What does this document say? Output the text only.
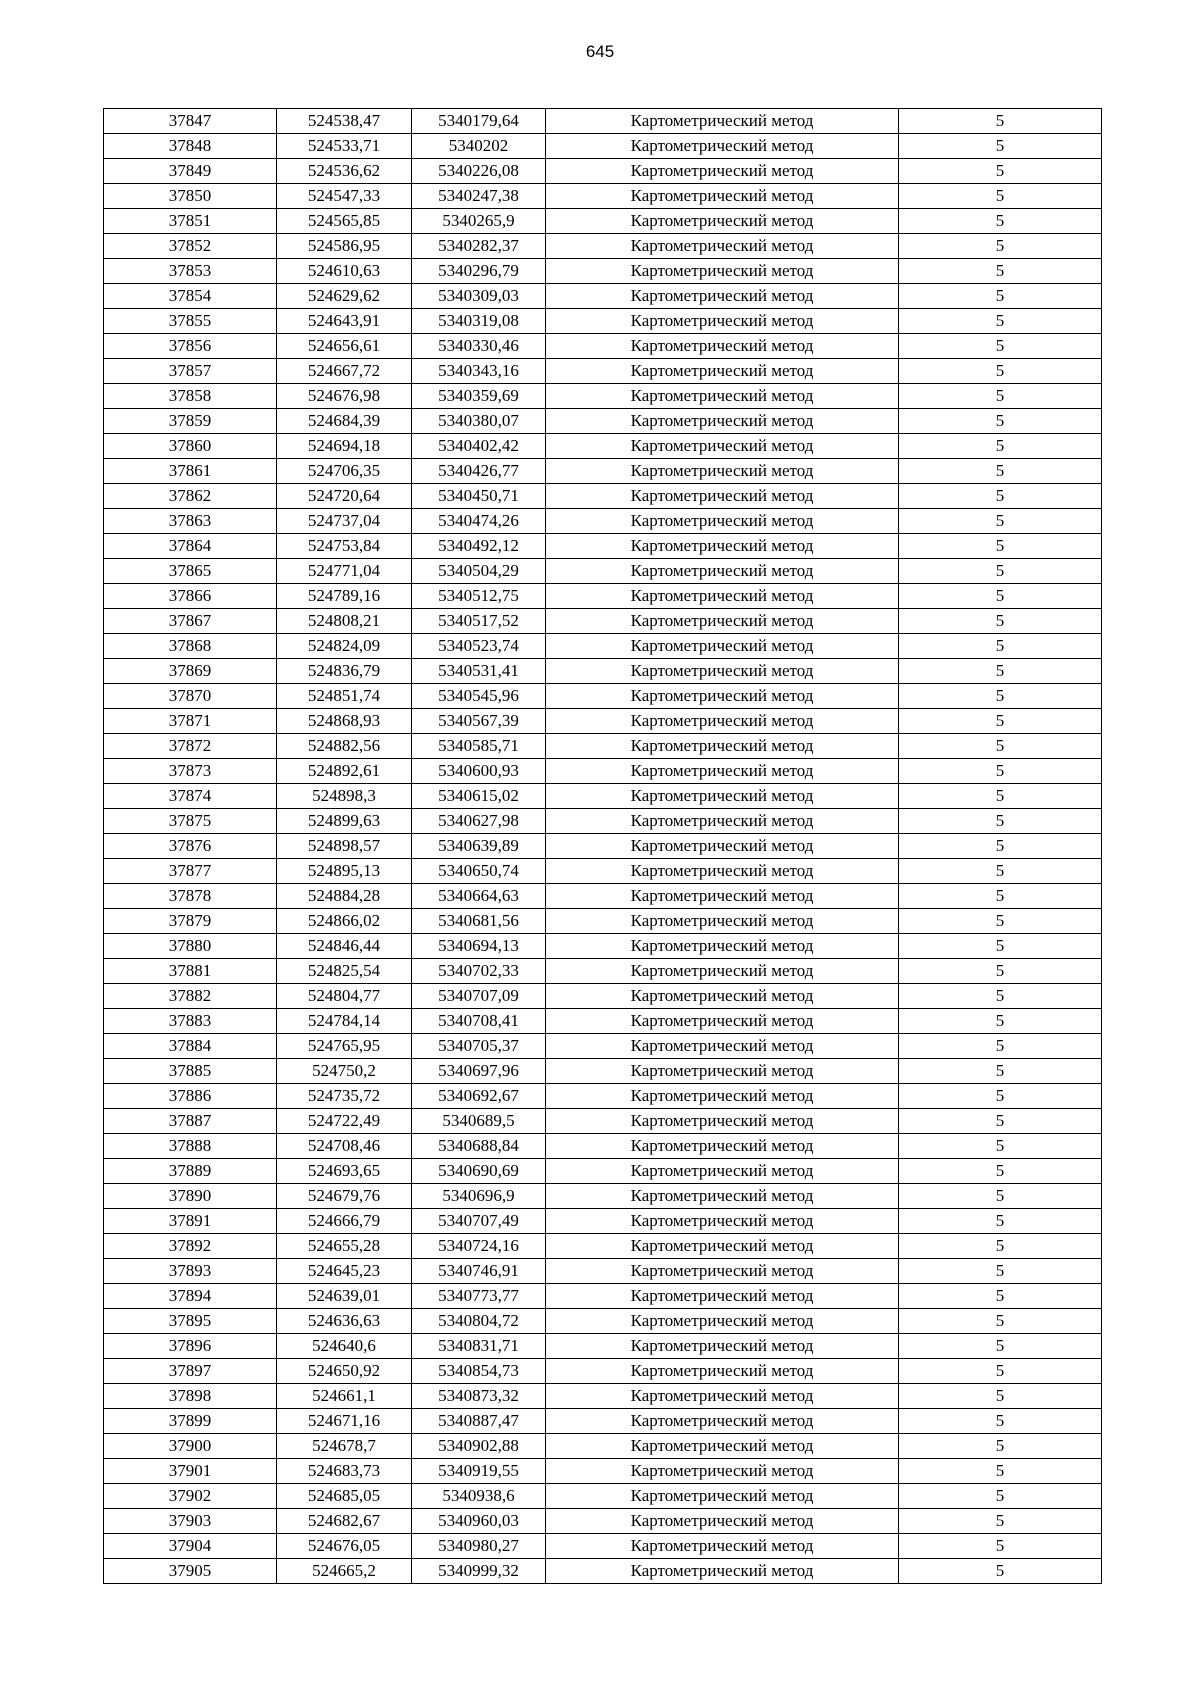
645
37847	524538,47	5340179,64	Картометрический метод	5
37848	524533,71	5340202	Картометрический метод	5
37849	524536,62	5340226,08	Картометрический метод	5
37850	524547,33	5340247,38	Картометрический метод	5
37851	524565,85	5340265,9	Картометрический метод	5
37852	524586,95	5340282,37	Картометрический метод	5
37853	524610,63	5340296,79	Картометрический метод	5
37854	524629,62	5340309,03	Картометрический метод	5
37855	524643,91	5340319,08	Картометрический метод	5
37856	524656,61	5340330,46	Картометрический метод	5
37857	524667,72	5340343,16	Картометрический метод	5
37858	524676,98	5340359,69	Картометрический метод	5
37859	524684,39	5340380,07	Картометрический метод	5
37860	524694,18	5340402,42	Картометрический метод	5
37861	524706,35	5340426,77	Картометрический метод	5
37862	524720,64	5340450,71	Картометрический метод	5
37863	524737,04	5340474,26	Картометрический метод	5
37864	524753,84	5340492,12	Картометрический метод	5
37865	524771,04	5340504,29	Картометрический метод	5
37866	524789,16	5340512,75	Картометрический метод	5
37867	524808,21	5340517,52	Картометрический метод	5
37868	524824,09	5340523,74	Картометрический метод	5
37869	524836,79	5340531,41	Картометрический метод	5
37870	524851,74	5340545,96	Картометрический метод	5
37871	524868,93	5340567,39	Картометрический метод	5
37872	524882,56	5340585,71	Картометрический метод	5
37873	524892,61	5340600,93	Картометрический метод	5
37874	524898,3	5340615,02	Картометрический метод	5
37875	524899,63	5340627,98	Картометрический метод	5
37876	524898,57	5340639,89	Картометрический метод	5
37877	524895,13	5340650,74	Картометрический метод	5
37878	524884,28	5340664,63	Картометрический метод	5
37879	524866,02	5340681,56	Картометрический метод	5
37880	524846,44	5340694,13	Картометрический метод	5
37881	524825,54	5340702,33	Картометрический метод	5
37882	524804,77	5340707,09	Картометрический метод	5
37883	524784,14	5340708,41	Картометрический метод	5
37884	524765,95	5340705,37	Картометрический метод	5
37885	524750,2	5340697,96	Картометрический метод	5
37886	524735,72	5340692,67	Картометрический метод	5
37887	524722,49	5340689,5	Картометрический метод	5
37888	524708,46	5340688,84	Картометрический метод	5
37889	524693,65	5340690,69	Картометрический метод	5
37890	524679,76	5340696,9	Картометрический метод	5
37891	524666,79	5340707,49	Картометрический метод	5
37892	524655,28	5340724,16	Картометрический метод	5
37893	524645,23	5340746,91	Картометрический метод	5
37894	524639,01	5340773,77	Картометрический метод	5
37895	524636,63	5340804,72	Картометрический метод	5
37896	524640,6	5340831,71	Картометрический метод	5
37897	524650,92	5340854,73	Картометрический метод	5
37898	524661,1	5340873,32	Картометрический метод	5
37899	524671,16	5340887,47	Картометрический метод	5
37900	524678,7	5340902,88	Картометрический метод	5
37901	524683,73	5340919,55	Картометрический метод	5
37902	524685,05	5340938,6	Картометрический метод	5
37903	524682,67	5340960,03	Картометрический метод	5
37904	524676,05	5340980,27	Картометрический метод	5
37905	524665,2	5340999,32	Картометрический метод	5
